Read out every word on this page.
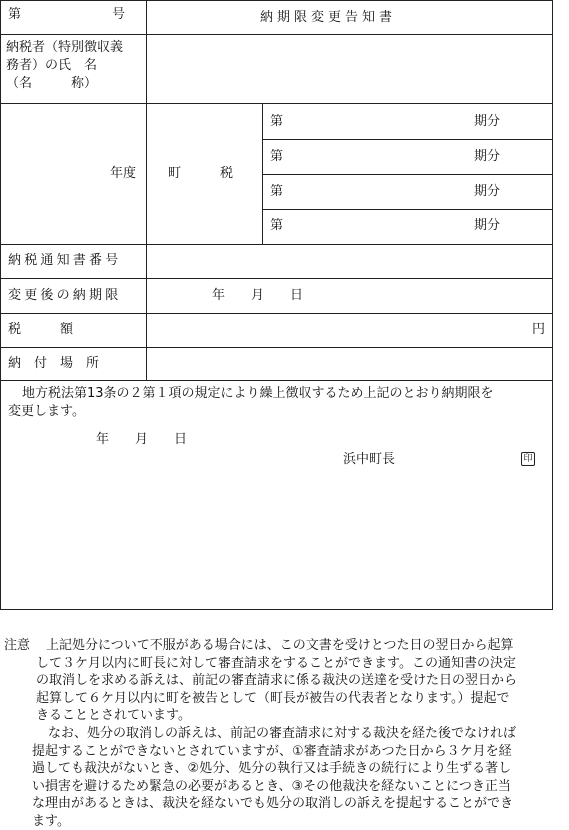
第　　　　　　　号	納期限変更告知書
納税者（特別徴収義
務者）の氏　名
（名　　　称）
年度 町　　　税
第	期分
第	期分
第	期分
第	期分
納税通知書番号
変更後の納期限	年　　月　　日
税　　　額	円
納　付　場　所
地方税法第13条の２第１項の規定により繰上徴収するため上記のとおり納期限を
変更します。
年　　月　　日
浜中町長	印
注意	上記処分について不服がある場合には、この文書を受けとつた日の翌日から起算

して３ケ月以内に町長に対して審査請求をすることができます。この通知書の決定

の取消しを求める訴えは、前記の審査請求に係る裁決の送達を受けた日の翌日から

起算して６ケ月以内に町を被告として（町長が被告の代表者となります。）提起で

きることとされています。

なお、処分の取消しの訴えは、前記の審査請求に対する裁決を経た後でなければ

提起することができないとされていますが、①審査請求があつた日から３ケ月を経

過しても裁決がないとき、②処分、処分の執行又は手続きの続行により生ずる著し

い損害を避けるため緊急の必要があるとき、③その他裁決を経ないことにつき正当

な理由があるときは、裁決を経ないでも処分の取消しの訴えを提起することができ

ます。
